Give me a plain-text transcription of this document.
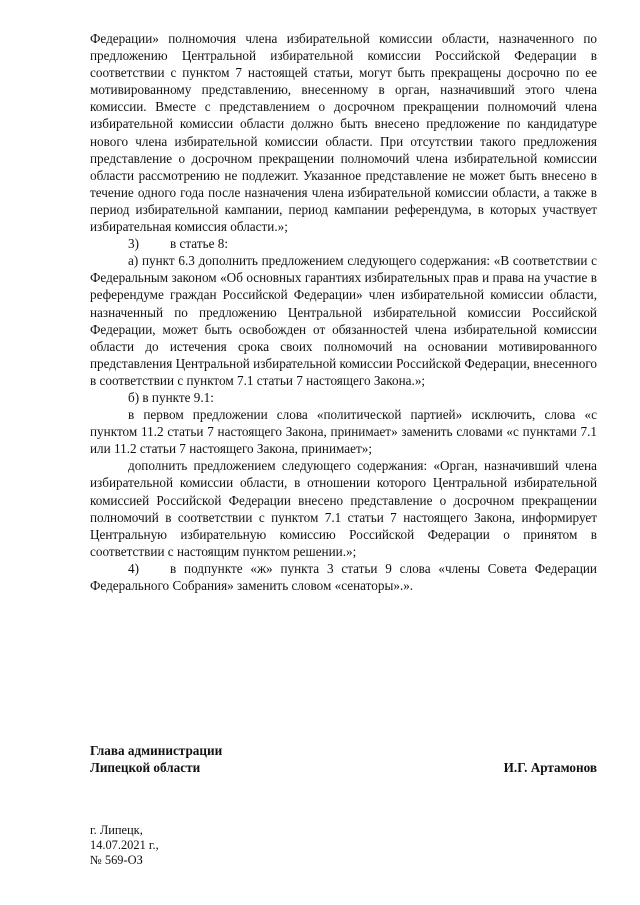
Федерации» полномочия члена избирательной комиссии области, назначенного по предложению Центральной избирательной комиссии Российской Федерации в соответствии с пунктом 7 настоящей статьи, могут быть прекращены досрочно по ее мотивированному представлению, внесенному в орган, назначивший этого члена комиссии. Вместе с представлением о досрочном прекращении полномочий члена избирательной комиссии области должно быть внесено предложение по кандидатуре нового члена избирательной комиссии области. При отсутствии такого предложения представление о досрочном прекращении полномочий члена избирательной комиссии области рассмотрению не подлежит. Указанное представление не может быть внесено в течение одного года после назначения члена избирательной комиссии области, а также в период избирательной кампании, период кампании референдума, в которых участвует избирательная комиссия области.»;

3) в статье 8:

а) пункт 6.3 дополнить предложением следующего содержания: «В соответствии с Федеральным законом «Об основных гарантиях избирательных прав и права на участие в референдуме граждан Российской Федерации» член избирательной комиссии области, назначенный по предложению Центральной избирательной комиссии Российской Федерации, может быть освобожден от обязанностей члена избирательной комиссии области до истечения срока своих полномочий на основании мотивированного представления Центральной избирательной комиссии Российской Федерации, внесенного в соответствии с пунктом 7.1 статьи 7 настоящего Закона.»;

б) в пункте 9.1:

в первом предложении слова «политической партией» исключить, слова «с пунктом 11.2 статьи 7 настоящего Закона, принимает» заменить словами «с пунктами 7.1 или 11.2 статьи 7 настоящего Закона, принимает»;

дополнить предложением следующего содержания: «Орган, назначивший члена избирательной комиссии области, в отношении которого Центральной избирательной комиссией Российской Федерации внесено представление о досрочном прекращении полномочий в соответствии с пунктом 7.1 статьи 7 настоящего Закона, информирует Центральную избирательную комиссию Российской Федерации о принятом в соответствии с настоящим пунктом решении.»;

4) в подпункте «ж» пункта 3 статьи 9 слова «члены Совета Федерации Федерального Собрания» заменить словом «сенаторы».».

Глава администрации
Липецкой области	И.Г. Артамонов
г. Липецк,
14.07.2021 г.,
№ 569-ОЗ
